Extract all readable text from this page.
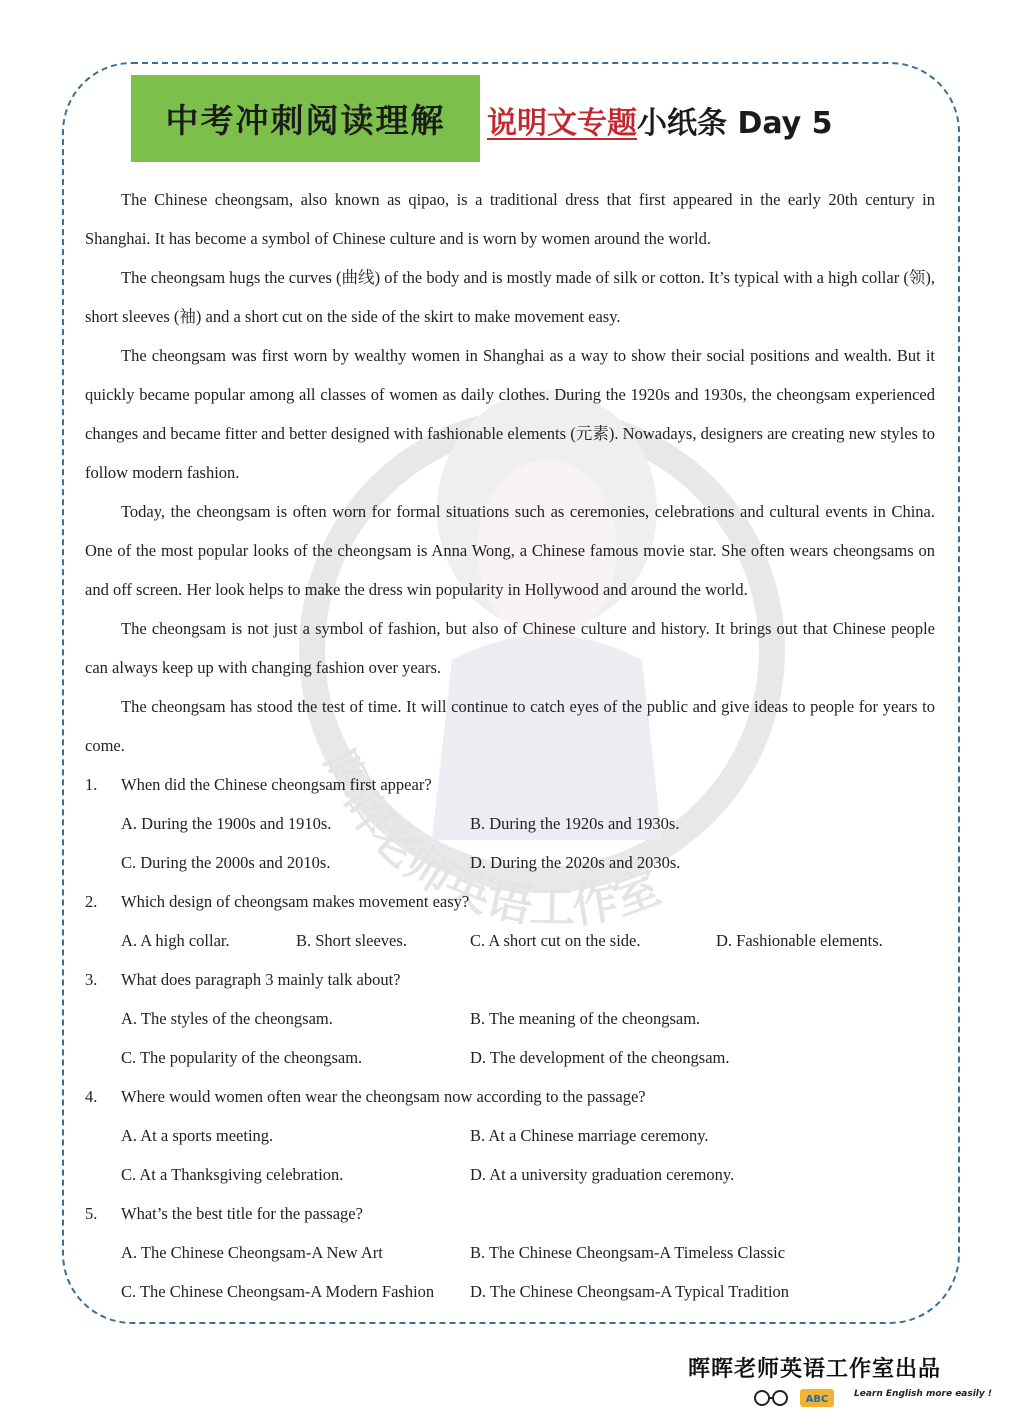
中考冲刺阅读理解 说明文专题小纸条 Day 5
晖晖老师英语工作室

The Chinese cheongsam, also known as qipao, is a traditional dress that first appeared in the early 20th century in Shanghai. It has become a symbol of Chinese culture and is worn by women around the world.

The cheongsam hugs the curves (曲线) of the body and is mostly made of silk or cotton. It’s typical with a high collar (领), short sleeves (袖) and a short cut on the side of the skirt to make movement easy.

The cheongsam was first worn by wealthy women in Shanghai as a way to show their social positions and wealth. But it quickly became popular among all classes of women as daily clothes. During the 1920s and 1930s, the cheongsam experienced changes and became fitter and better designed with fashionable elements (元素). Nowadays, designers are creating new styles to follow modern fashion.

Today, the cheongsam is often worn for formal situations such as ceremonies, celebrations and cultural events in China. One of the most popular looks of the cheongsam is Anna Wong, a Chinese famous movie star. She often wears cheongsams on and off screen. Her look helps to make the dress win popularity in Hollywood and around the world.

The cheongsam is not just a symbol of fashion, but also of Chinese culture and history. It brings out that Chinese people can always keep up with changing fashion over years.

The cheongsam has stood the test of time. It will continue to catch eyes of the public and give ideas to people for years to come.

1.	When did the Chinese cheongsam first appear?
A. During the 1900s and 1910s.	B. During the 1920s and 1930s.
C. During the 2000s and 2010s.	D. During the 2020s and 2030s.
2.	Which design of cheongsam makes movement easy?
A. A high collar.	B. Short sleeves.	C. A short cut on the side.	D. Fashionable elements.
3.	What does paragraph 3 mainly talk about?
A. The styles of the cheongsam.	B. The meaning of the cheongsam.
C. The popularity of the cheongsam.	D. The development of the cheongsam.
4.	Where would women often wear the cheongsam now according to the passage?
A. At a sports meeting.	B. At a Chinese marriage ceremony.
C. At a Thanksgiving celebration.	D. At a university graduation ceremony.
5.	What’s the best title for the passage?
A. The Chinese Cheongsam-A New Art	B. The Chinese Cheongsam-A Timeless Classic
C. The Chinese Cheongsam-A Modern Fashion	D. The Chinese Cheongsam-A Typical Tradition
晖晖老师英语工作室出品
ABC	Learn English more easily !
